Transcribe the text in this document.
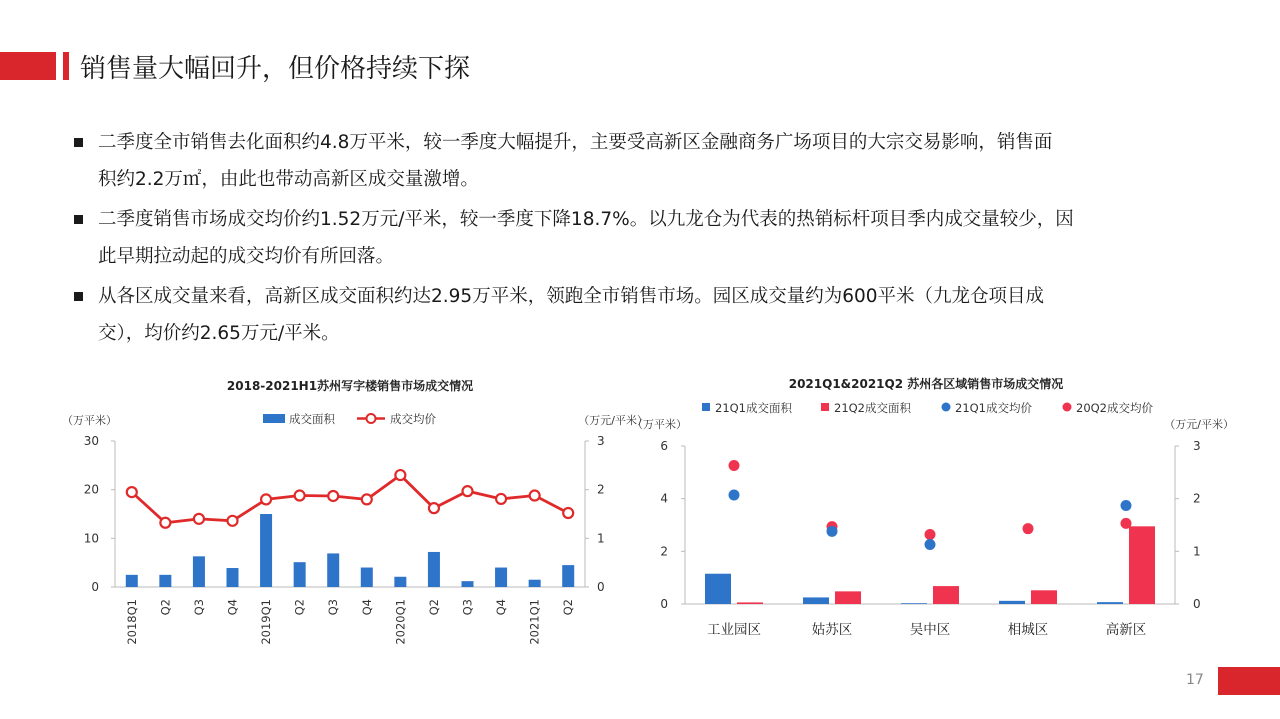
销售量大幅回升，但价格持续下探
二季度全市销售去化面积约4.8万平米，较一季度大幅提升，主要受高新区金融商务广场项目的大宗交易影响，销售面
积约2.2万㎡，由此也带动高新区成交量激增。
二季度销售市场成交均价约1.52万元/平米，较一季度下降18.7%。以九龙仓为代表的热销标杆项目季内成交量较少，因
此早期拉动起的成交均价有所回落。
从各区成交量来看，高新区成交面积约达2.95万平米，领跑全市销售市场。园区成交量约为600平米（九龙仓项目成
交），均价约2.65万元/平米。
2018-2021H1苏州写字楼销售市场成交情况
（万平米）	（万元/平米）
成交面积	成交均价
30
20
10
0
3
2
1
0
2018Q1 Q2 Q3 Q4 2019Q1 Q2 Q3 Q4 2020Q1 Q2 Q3 Q4 2021Q1 Q2
2021Q1&2021Q2 苏州各区域销售市场成交情况
（万平米）	（万元/平米）
21Q1成交面积	21Q2成交面积	21Q1成交均价	20Q2成交均价
6
4
2
0
3
2
1
0
工业园区	姑苏区	吴中区	相城区	高新区
17
